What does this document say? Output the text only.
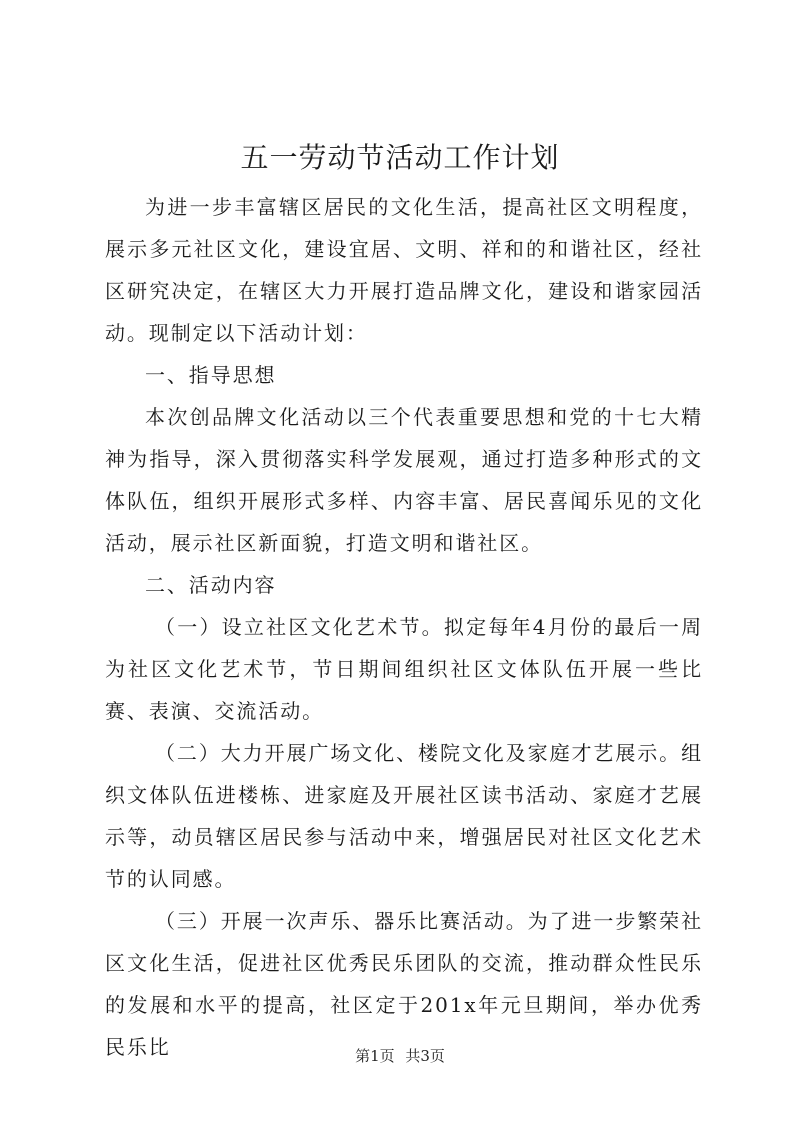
五一劳动节活动工作计划

为进一步丰富辖区居民的文化生活，提高社区文明程度，展示多元社区文化，建设宜居、文明、祥和的和谐社区，经社区研究决定，在辖区大力开展打造品牌文化，建设和谐家园活动。现制定以下活动计划：

一、指导思想

本次创品牌文化活动以三个代表重要思想和党的十七大精神为指导，深入贯彻落实科学发展观，通过打造多种形式的文体队伍，组织开展形式多样、内容丰富、居民喜闻乐见的文化活动，展示社区新面貌，打造文明和谐社区。

二、活动内容

（一）设立社区文化艺术节。拟定每年4月份的最后一周为社区文化艺术节，节日期间组织社区文体队伍开展一些比赛、表演、交流活动。

（二）大力开展广场文化、楼院文化及家庭才艺展示。组织文体队伍进楼栋、进家庭及开展社区读书活动、家庭才艺展示等，动员辖区居民参与活动中来，增强居民对社区文化艺术节的认同感。

（三）开展一次声乐、器乐比赛活动。为了进一步繁荣社区文化生活，促进社区优秀民乐团队的交流，推动群众性民乐的发展和水平的提高，社区定于201x年元旦期间，举办优秀民乐比	第1页 共3页
